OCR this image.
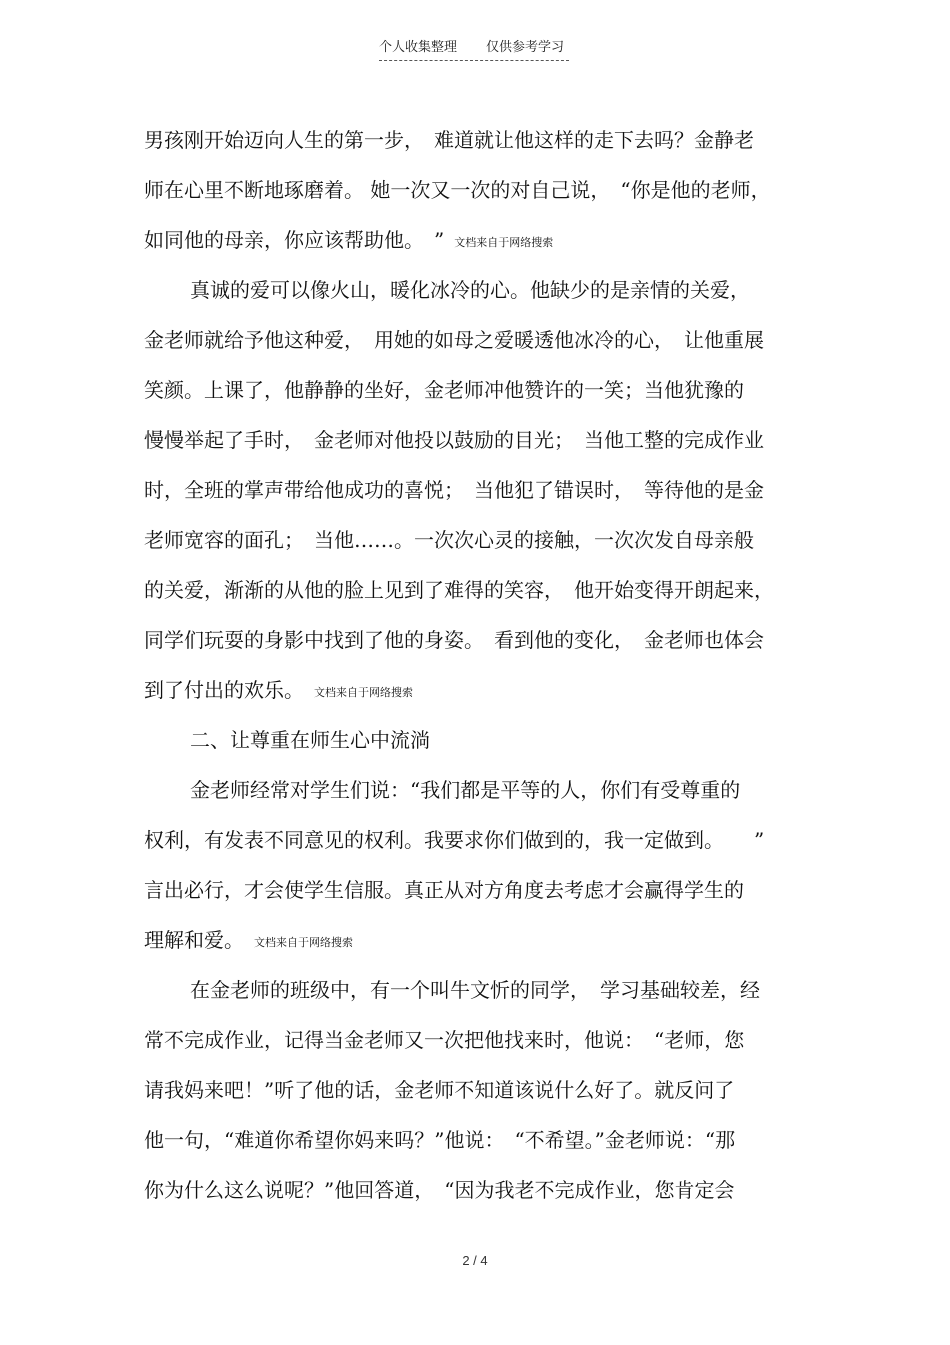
个人收集整理 仅供参考学习
男孩刚开始迈向人生的第一步，　难道就让他这样的走下去吗？金静老
师在心里不断地琢磨着。 她一次又一次的对自己说，　“你是他的老师，
如同他的母亲，你应该帮助他。　” 文档来自于网络搜索
真诚的爱可以像火山，暖化冰冷的心。他缺少的是亲情的关爱，
金老师就给予他这种爱，　用她的如母之爱暖透他冰冷的心，　让他重展
笑颜。上课了，他静静的坐好，金老师冲他赞许的一笑；当他犹豫的
慢慢举起了手时，　金老师对他投以鼓励的目光；　当他工整的完成作业
时，全班的掌声带给他成功的喜悦；　当他犯了错误时，　等待他的是金
老师宽容的面孔；　当他……。一次次心灵的接触，一次次发自母亲般
的关爱，渐渐的从他的脸上见到了难得的笑容，　他开始变得开朗起来，
同学们玩耍的身影中找到了他的身姿。　看到他的变化，　金老师也体会
到了付出的欢乐。 文档来自于网络搜索
二、让尊重在师生心中流淌
金老师经常对学生们说：“我们都是平等的人，你们有受尊重的
权利，有发表不同意见的权利。我要求你们做到的，我一定做到。　　”
言出必行，才会使学生信服。真正从对方角度去考虑才会赢得学生的
理解和爱。 文档来自于网络搜索
在金老师的班级中，有一个叫牛文忻的同学，　学习基础较差，经
常不完成作业，记得当金老师又一次把他找来时，他说：　“老师，您
请我妈来吧！”听了他的话，金老师不知道该说什么好了。就反问了
他一句，“难道你希望你妈来吗？”他说：　“不希望。”金老师说：“那
你为什么这么说呢？”他回答道，　“因为我老不完成作业，您肯定会
2 / 4
